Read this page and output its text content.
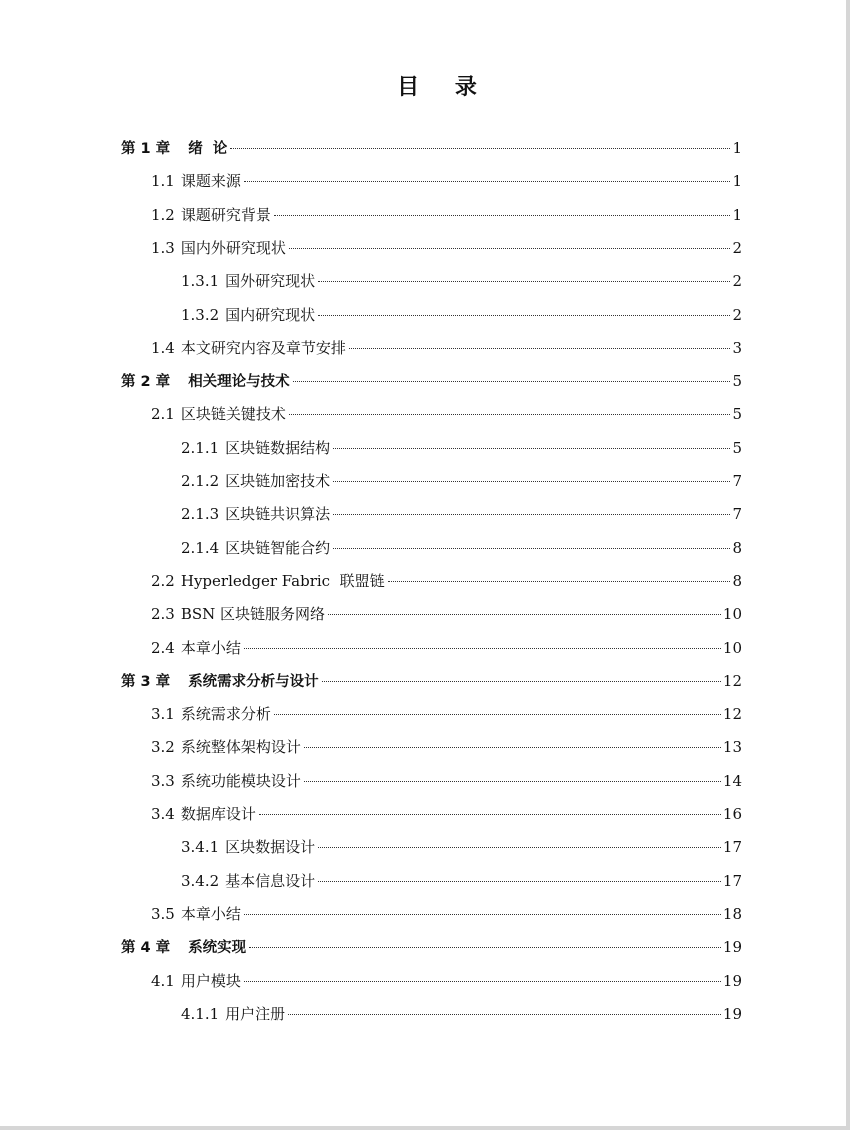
目 录
第 1 章 绪  论	1
1.1 课题来源	1
1.2 课题研究背景	1
1.3 国内外研究现状	2
1.3.1 国外研究现状	2
1.3.2 国内研究现状	2
1.4 本文研究内容及章节安排	3
第 2 章 相关理论与技术	5
2.1 区块链关键技术	5
2.1.1 区块链数据结构	5
2.1.2 区块链加密技术	7
2.1.3 区块链共识算法	7
2.1.4 区块链智能合约	8
2.2 Hyperledger Fabric  联盟链	8
2.3 BSN 区块链服务网络	10
2.4 本章小结	10
第 3 章 系统需求分析与设计	12
3.1 系统需求分析	12
3.2 系统整体架构设计	13
3.3 系统功能模块设计	14
3.4 数据库设计	16
3.4.1 区块数据设计	17
3.4.2 基本信息设计	17
3.5 本章小结	18
第 4 章 系统实现	19
4.1 用户模块	19
4.1.1 用户注册	19
